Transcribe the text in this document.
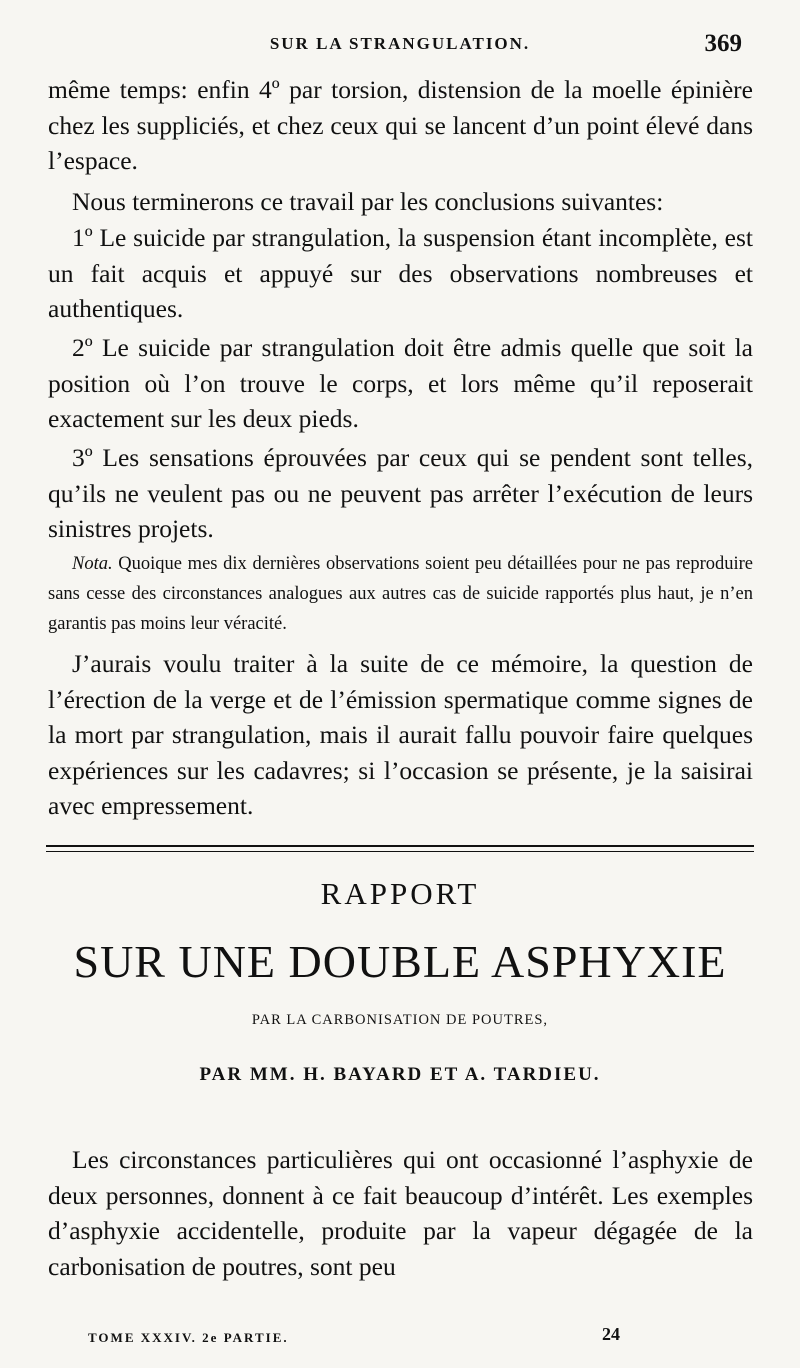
SUR LA STRANGULATION.	369

même temps: enfin 4º par torsion, distension de la moelle épinière chez les suppliciés, et chez ceux qui se lancent d’un point élevé dans l’espace.

Nous terminerons ce travail par les conclusions suivantes:

1º Le suicide par strangulation, la suspension étant incomplète, est un fait acquis et appuyé sur des observations nombreuses et authentiques.

2º Le suicide par strangulation doit être admis quelle que soit la position où l’on trouve le corps, et lors même qu’il reposerait exactement sur les deux pieds.

3º Les sensations éprouvées par ceux qui se pendent sont telles, qu’ils ne veulent pas ou ne peuvent pas arrêter l’exécution de leurs sinistres projets.

Nota. Quoique mes dix dernières observations soient peu détaillées pour ne pas reproduire sans cesse des circonstances analogues aux autres cas de suicide rapportés plus haut, je n’en garantis pas moins leur véracité.

J’aurais voulu traiter à la suite de ce mémoire, la question de l’érection de la verge et de l’émission spermatique comme signes de la mort par strangulation, mais il aurait fallu pouvoir faire quelques expériences sur les cadavres; si l’occasion se présente, je la saisirai avec empressement.

RAPPORT
SUR UNE DOUBLE ASPHYXIE
PAR LA CARBONISATION DE POUTRES,
PAR MM. H. BAYARD ET A. TARDIEU.

Les circonstances particulières qui ont occasionné l’asphyxie de deux personnes, donnent à ce fait beaucoup d’intérêt. Les exemples d’asphyxie accidentelle, produite par la vapeur dégagée de la carbonisation de poutres, sont peu

TOME XXXIV. 2e PARTIE.	24
